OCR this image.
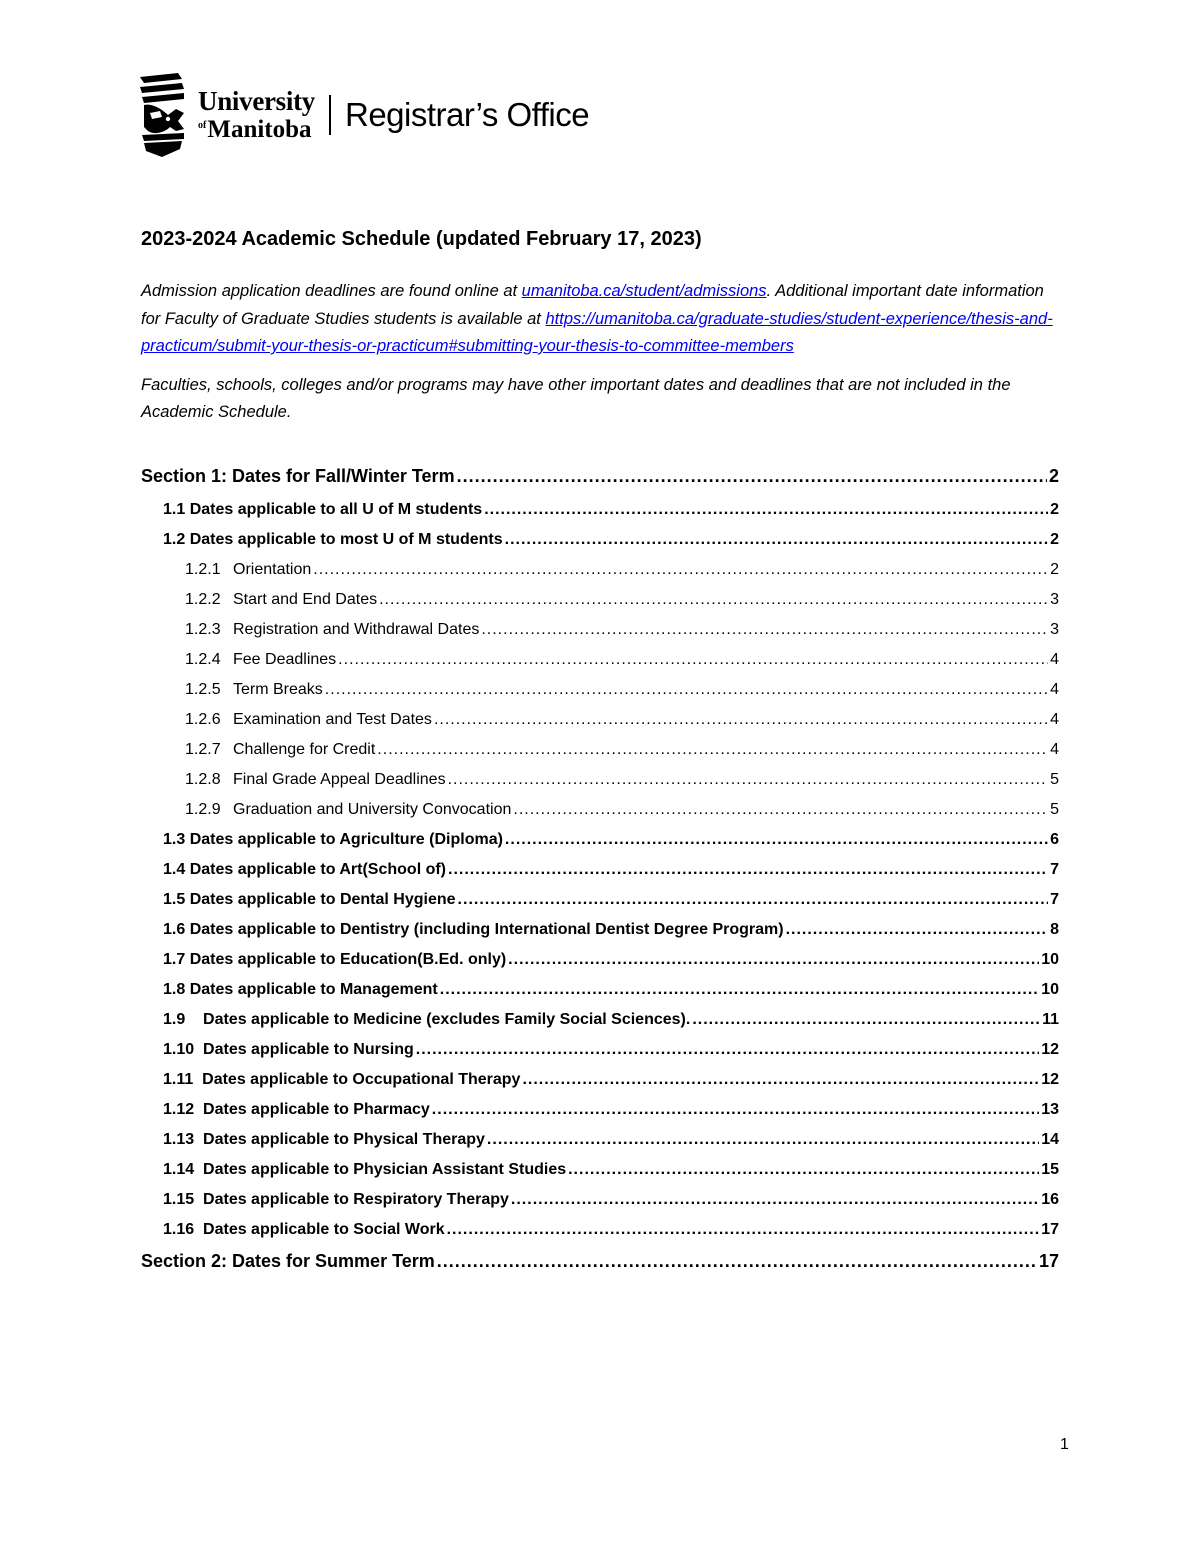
University
$^{of}$Manitoba Registrar’s Office
2023-2024 Academic Schedule (updated February 17, 2023)

Admission application deadlines are found online at umanitoba.ca/student/admissions. Additional important date information for Faculty of Graduate Studies students is available at https://umanitoba.ca/graduate-studies/student-experience/thesis-and-practicum/submit-your-thesis-or-practicum#submitting-your-thesis-to-committee-members

Faculties, schools, colleges and/or programs may have other important dates and deadlines that are not included in the Academic Schedule.

Section 1: Dates for Fall/Winter Term .....	2
1.1 Dates applicable to all U of M students .....	2
1.2 Dates applicable to most U of M students .....	2
1.2.1 Orientation .....	2
1.2.2 Start and End Dates .....	3
1.2.3 Registration and Withdrawal Dates .....	3
1.2.4 Fee Deadlines .....	4
1.2.5 Term Breaks .....	4
1.2.6 Examination and Test Dates .....	4
1.2.7 Challenge for Credit .....	4
1.2.8 Final Grade Appeal Deadlines .....	5
1.2.9 Graduation and University Convocation .....	5
1.3 Dates applicable to Agriculture (Diploma) .....	6
1.4 Dates applicable to Art(School of) .....	7
1.5 Dates applicable to Dental Hygiene .....	7
1.6 Dates applicable to Dentistry (including International Dentist Degree Program) .....	8
1.7 Dates applicable to Education(B.Ed. only) .....	10
1.8 Dates applicable to Management .....	10
1.9    Dates applicable to Medicine (excludes Family Social Sciences). .....	11
1.10  Dates applicable to Nursing .....	12
1.11  Dates applicable to Occupational Therapy .....	12
1.12  Dates applicable to Pharmacy .....	13
1.13  Dates applicable to Physical Therapy .....	14
1.14  Dates applicable to Physician Assistant Studies .....	15
1.15  Dates applicable to Respiratory Therapy .....	16
1.16  Dates applicable to Social Work .....	17
Section 2: Dates for Summer Term .....	17
1
